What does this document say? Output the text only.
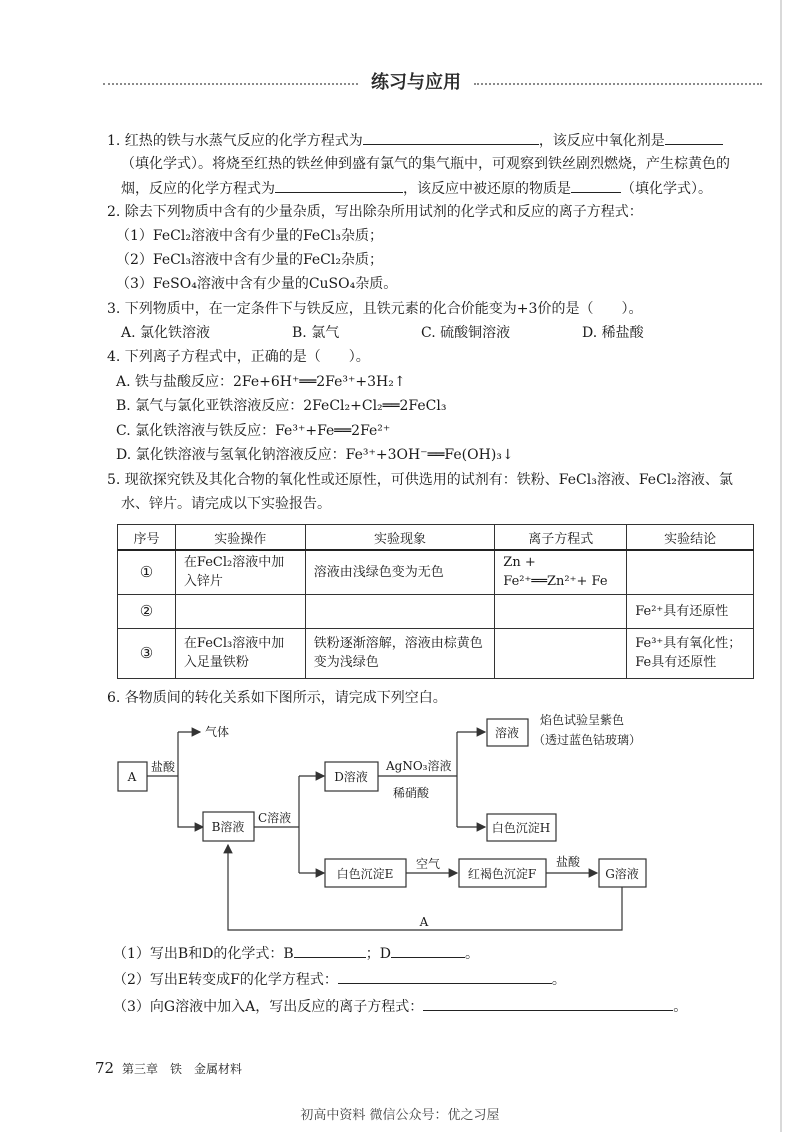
练习与应用
1. 红热的铁与水蒸气反应的化学方程式为	，该反应中氧化剂是
（填化学式）。将烧至红热的铁丝伸到盛有氯气的集气瓶中，可观察到铁丝剧烈燃烧，产生棕黄色的
烟，反应的化学方程式为	，该反应中被还原的物质是	（填化学式）。
2. 除去下列物质中含有的少量杂质，写出除杂所用试剂的化学式和反应的离子方程式：
（1）FeCl₂溶液中含有少量的FeCl₃杂质；
（2）FeCl₃溶液中含有少量的FeCl₂杂质；
（3）FeSO₄溶液中含有少量的CuSO₄杂质。
3. 下列物质中，在一定条件下与铁反应，且铁元素的化合价能变为+3价的是（　　）。
A. 氯化铁溶液	B. 氯气	C. 硫酸铜溶液	D. 稀盐酸
4. 下列离子方程式中，正确的是（　　）。
A. 铁与盐酸反应：2Fe+6H⁺══2Fe³⁺+3H₂↑
B. 氯气与氯化亚铁溶液反应：2FeCl₂+Cl₂══2FeCl₃
C. 氯化铁溶液与铁反应：Fe³⁺+Fe══2Fe²⁺
D. 氯化铁溶液与氢氧化钠溶液反应：Fe³⁺+3OH⁻══Fe(OH)₃↓
5. 现欲探究铁及其化合物的氧化性或还原性，可供选用的试剂有：铁粉、FeCl₃溶液、FeCl₂溶液、氯
水、锌片。请完成以下实验报告。
序号	实验操作	实验现象	离子方程式	实验结论
①	在FeCl₂溶液中加入锌片	溶液由浅绿色变为无色	Zn + Fe²⁺══Zn²⁺+ Fe	
②				Fe²⁺具有还原性
③	在FeCl₃溶液中加入足量铁粉	铁粉逐渐溶解，溶液由棕黄色变为浅绿色		Fe³⁺具有氧化性；Fe具有还原性
6. 各物质间的转化关系如下图所示，请完成下列空白。
A
气体
盐酸
B溶液
C溶液
D溶液
AgNO₃溶液
稀硝酸
溶液
焰色试验呈紫色
（透过蓝色钴玻璃）
白色沉淀H
白色沉淀E
空气
红褐色沉淀F
盐酸
G溶液
A
（1）写出B和D的化学式：B	；D	。
（2）写出E转变成F的化学方程式：	。
（3）向G溶液中加入A，写出反应的离子方程式：	。
72 第三章　铁　金属材料
初高中资料 微信公众号：优之习屋
